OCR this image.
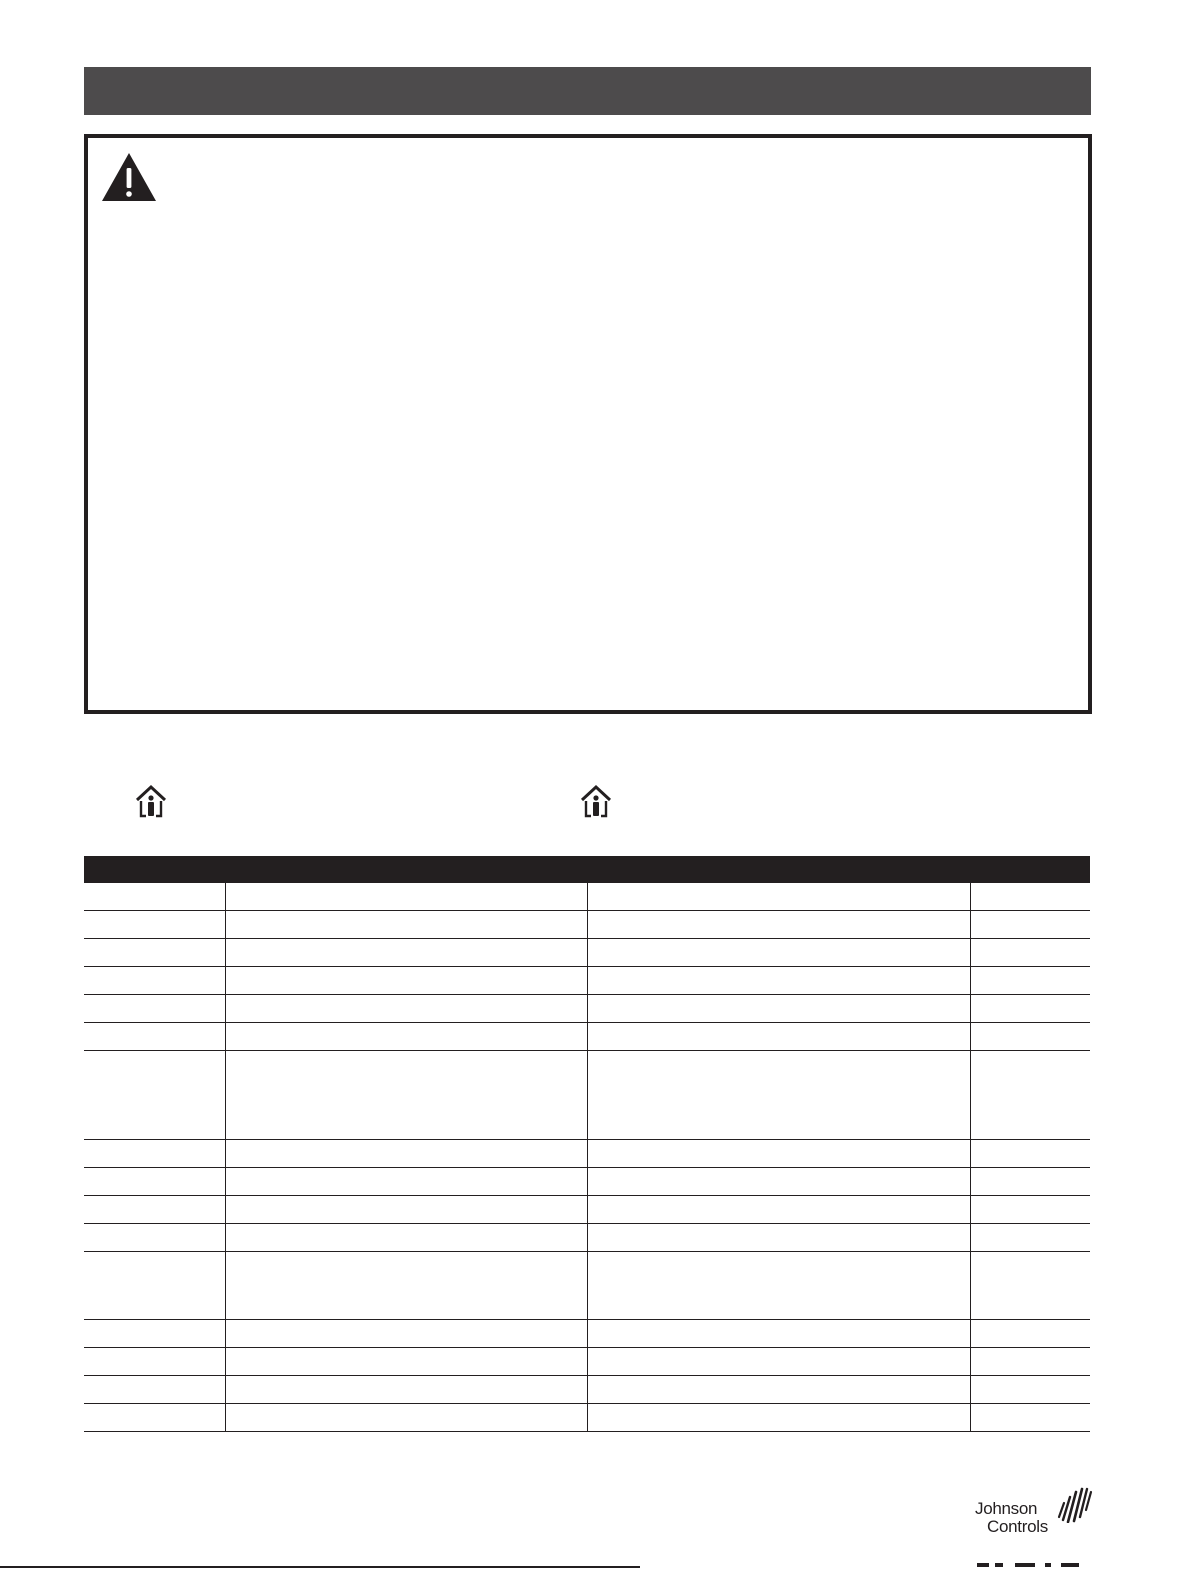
Johnson
Controls
